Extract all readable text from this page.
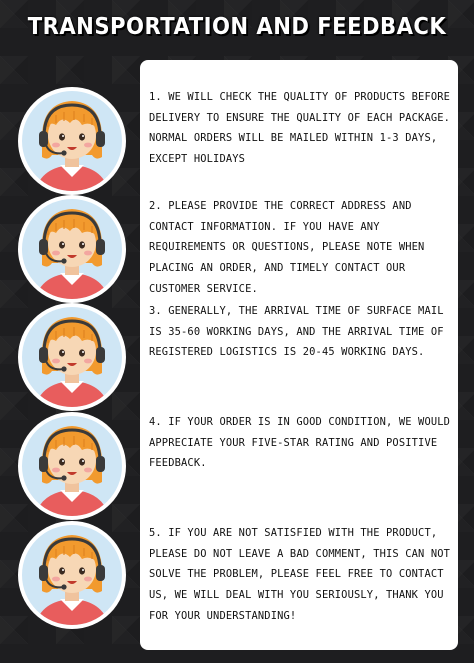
TRANSPORTATION AND FEEDBACK
1. WE WILL CHECK THE QUALITY OF PRODUCTS BEFORE DELIVERY TO ENSURE THE QUALITY OF EACH PACKAGE. NORMAL ORDERS WILL BE MAILED WITHIN 1-3 DAYS, EXCEPT HOLIDAYS
2. PLEASE PROVIDE THE CORRECT ADDRESS AND CONTACT INFORMATION. IF YOU HAVE ANY REQUIREMENTS OR QUESTIONS, PLEASE NOTE WHEN PLACING AN ORDER, AND TIMELY CONTACT OUR CUSTOMER SERVICE.
3. GENERALLY, THE ARRIVAL TIME OF SURFACE MAIL IS 35-60 WORKING DAYS, AND THE ARRIVAL TIME OF REGISTERED LOGISTICS IS 20-45 WORKING DAYS.
4. IF YOUR ORDER IS IN GOOD CONDITION, WE WOULD APPRECIATE YOUR FIVE-STAR RATING AND POSITIVE FEEDBACK.
5. IF YOU ARE NOT SATISFIED WITH THE PRODUCT, PLEASE DO NOT LEAVE A BAD COMMENT, THIS CAN NOT SOLVE THE PROBLEM, PLEASE FEEL FREE TO CONTACT US, WE WILL DEAL WITH YOU SERIOUSLY, THANK YOU FOR YOUR UNDERSTANDING!
